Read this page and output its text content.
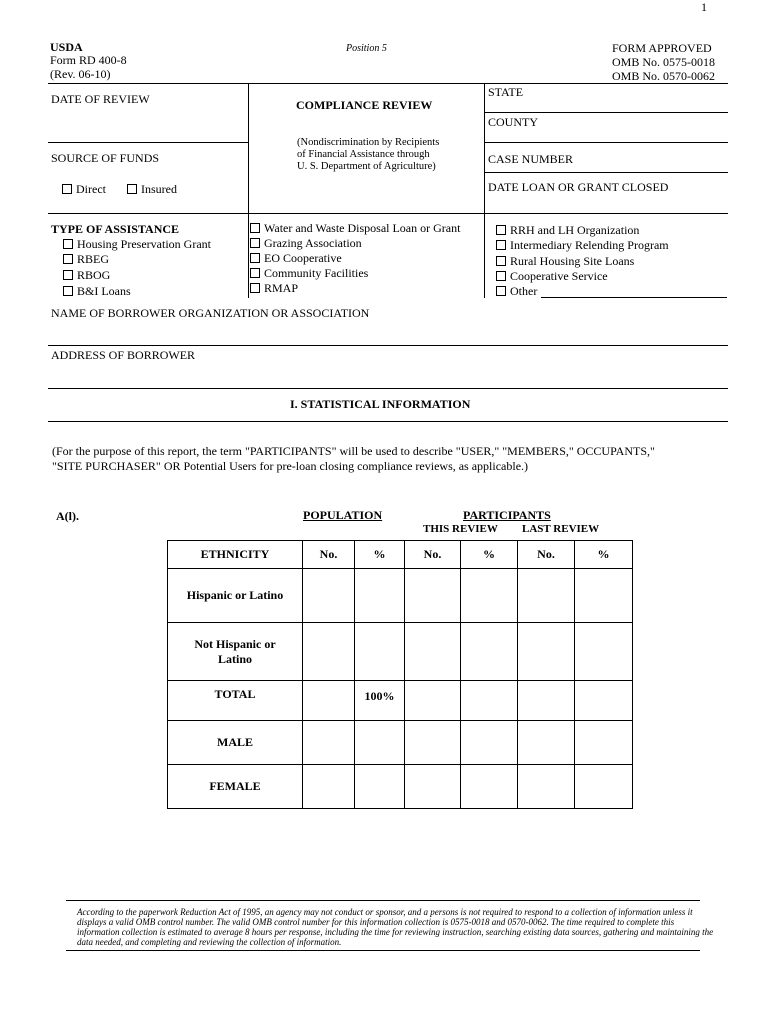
1
USDA
Form RD 400-8
(Rev. 06-10)
Position 5	FORM APPROVED
OMB No. 0575-0018
OMB No. 0570-0062
DATE OF REVIEW	COMPLIANCE REVIEW
(Nondiscrimination by Recipients
of Financial Assistance through
U. S. Department of Agriculture)
SOURCE OF FUNDS
Direct	Insured
STATE
COUNTY
CASE NUMBER
DATE LOAN OR GRANT CLOSED
TYPE OF ASSISTANCE
Housing Preservation Grant
RBEG
RBOG
B&I Loans
Water and Waste Disposal Loan or Grant
Grazing Association
EO Cooperative
Community Facilities
RMAP
RRH and LH Organization
Intermediary Relending Program
Rural Housing Site Loans
Cooperative Service
Other
NAME OF BORROWER ORGANIZATION OR ASSOCIATION
ADDRESS OF BORROWER
I. STATISTICAL INFORMATION
(For the purpose of this report, the term "PARTICIPANTS" will be used to describe "USER," "MEMBERS," OCCUPANTS,"
"SITE PURCHASER" OR Potential Users for pre-loan closing compliance reviews, as applicable.)
A(l).	POPULATION	PARTICIPANTS
THIS REVIEW LAST REVIEW
ETHNICITY	No.	%	No.	%	No.	%
Hispanic or Latino						

Not Hispanic or Latino						

TOTAL		100%				
MALE						
FEMALE						
According to the paperwork Reduction Act of 1995, an agency may not conduct or sponsor, and a persons is not required to respond to a collection of information unless it displays a valid OMB control number. The valid OMB control number for this information collection is 0575-0018 and 0570-0062. The time required to complete this information collection is estimated to average 8 hours per response, including the time for reviewing instruction, searching existing data sources, gathering and maintaining the data needed, and completing and reviewing the collection of information.
